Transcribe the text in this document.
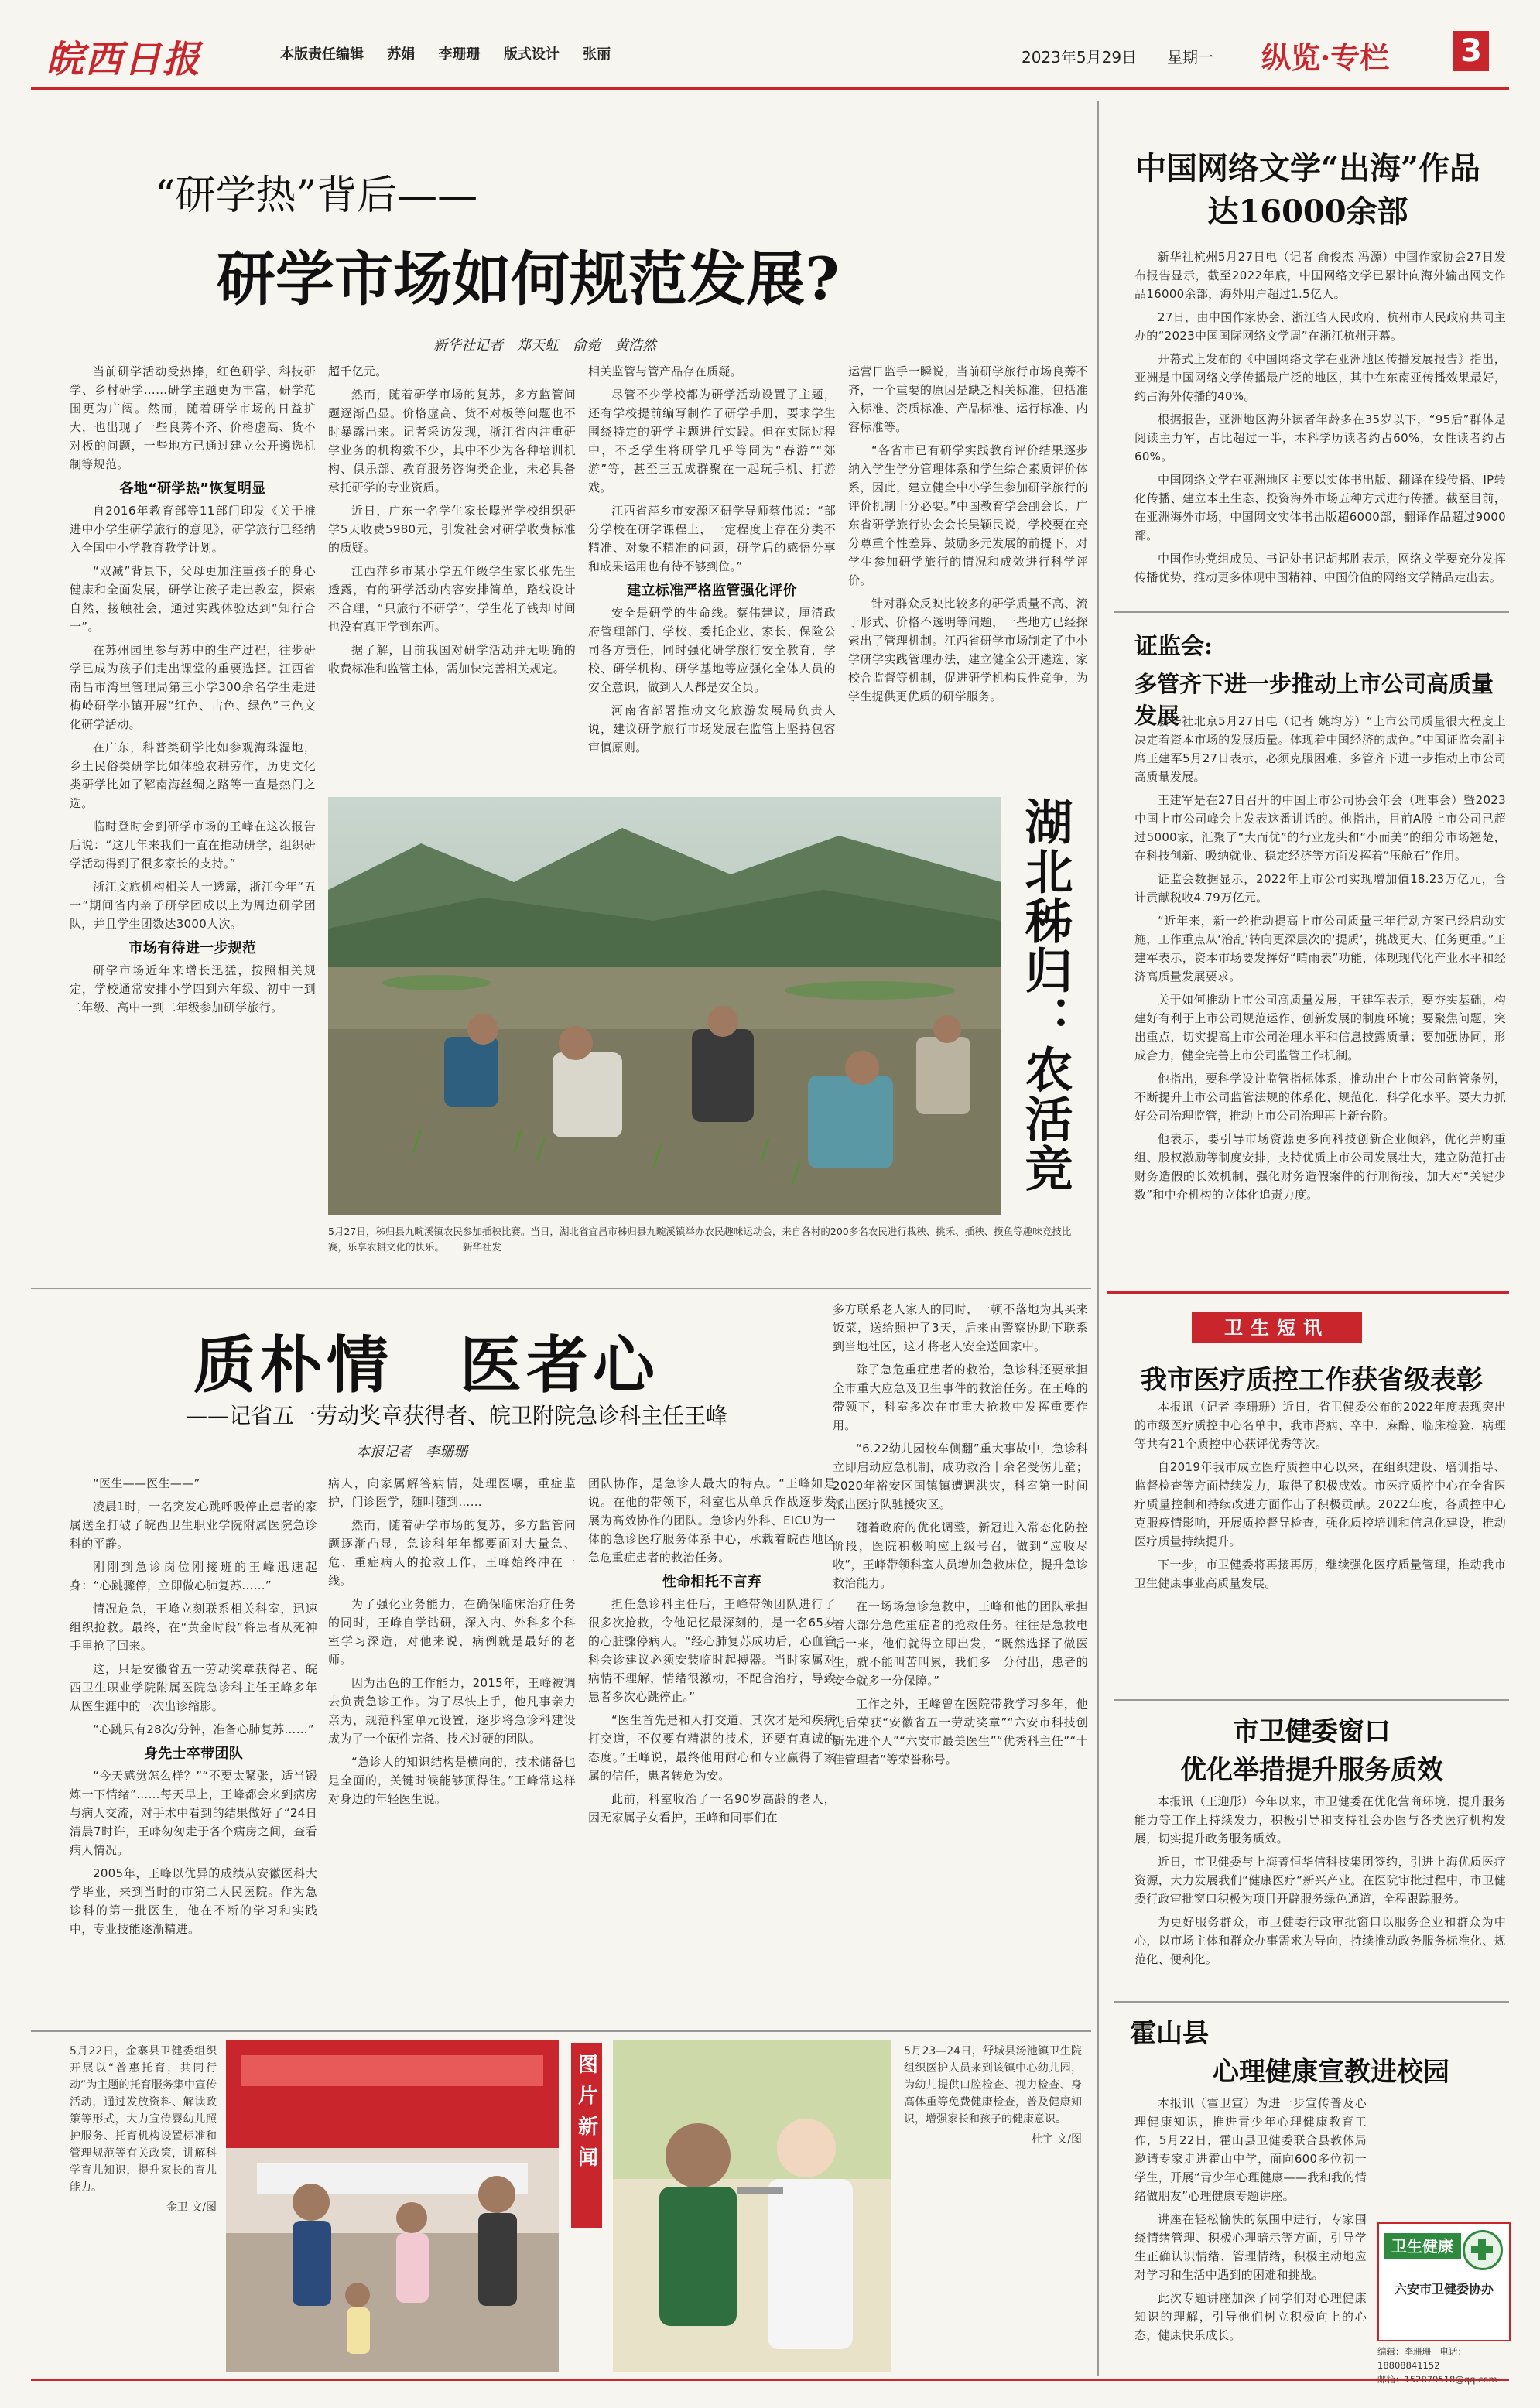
皖西日报	本版责任编辑 苏娟 李珊珊 版式设计 张丽	2023年5月29日 星期一 纵览·专栏 3
“研学热”背后——
研学市场如何规范发展?
新华社记者　郑天虹　俞菀　黄浩然

当前研学活动受热捧，红色研学、科技研学、乡村研学……研学主题更为丰富，研学范围更为广阔。然而，随着研学市场的日益扩大，也出现了一些良莠不齐、价格虚高、货不对板的问题，一些地方已通过建立公开遴选机制等规范。

各地“研学热”恢复明显

自2016年教育部等11部门印发《关于推进中小学生研学旅行的意见》，研学旅行已经纳入全国中小学教育教学计划。

“双减”背景下，父母更加注重孩子的身心健康和全面发展，研学让孩子走出教室，探索自然，接触社会，通过实践体验达到“知行合一”。

在苏州园里参与苏中的生产过程，往步研学已成为孩子们走出课堂的重要选择。江西省南昌市湾里管理局第三小学300余名学生走进梅岭研学小镇开展“红色、古色、绿色”三色文化研学活动。

在广东，科普类研学比如参观海珠湿地，乡土民俗类研学比如体验农耕劳作，历史文化类研学比如了解南海丝绸之路等一直是热门之选。

临时登时会到研学市场的王峰在这次报告后说：“这几年来我们一直在推动研学，组织研学活动得到了很多家长的支持。”

浙江文旅机构相关人士透露，浙江今年“五一”期间省内亲子研学团成以上为周边研学团队，并且学生团数达3000人次。

市场有待进一步规范

研学市场近年来增长迅猛，按照相关规定，学校通常安排小学四到六年级、初中一到二年级、高中一到二年级参加研学旅行。

超千亿元。

然而，随着研学市场的复苏，多方监管问题逐渐凸显。价格虚高、货不对板等问题也不时暴露出来。记者采访发现，浙江省内注重研学业务的机构数不少，其中不少为各种培训机构、俱乐部、教育服务咨询类企业，未必具备承托研学的专业资质。

近日，广东一名学生家长曝光学校组织研学5天收费5980元，引发社会对研学收费标准的质疑。

江西萍乡市某小学五年级学生家长张先生透露，有的研学活动内容安排简单，路线设计不合理，“只旅行不研学”，学生花了钱却时间也没有真正学到东西。

据了解，目前我国对研学活动并无明确的收费标准和监管主体，需加快完善相关规定。

相关监管与管产品存在质疑。

尽管不少学校都为研学活动设置了主题，还有学校提前编写制作了研学手册，要求学生围绕特定的研学主题进行实践。但在实际过程中，不乏学生将研学几乎等同为“春游”“郊游”等，甚至三五成群聚在一起玩手机、打游戏。

江西省萍乡市安源区研学导师蔡伟说：“部分学校在研学课程上，一定程度上存在分类不精准、对象不精准的问题，研学后的感悟分享和成果运用也有待不够到位。”

建立标准严格监管强化评价

安全是研学的生命线。蔡伟建议，厘清政府管理部门、学校、委托企业、家长、保险公司各方责任，同时强化研学旅行安全教育，学校、研学机构、研学基地等应强化全体人员的安全意识，做到人人都是安全员。

河南省部署推动文化旅游发展局负责人说，建议研学旅行市场发展在监管上坚持包容审慎原则。

运营日监手一瞬说，当前研学旅行市场良莠不齐，一个重要的原因是缺乏相关标准，包括准入标准、资质标准、产品标准、运行标准、内容标准等。

“各省市已有研学实践教育评价结果逐步纳入学生学分管理体系和学生综合素质评价体系，因此，建立健全中小学生参加研学旅行的评价机制十分必要。”中国教育学会副会长，广东省研学旅行协会会长吴颖民说，学校要在充分尊重个性差异、鼓励多元发展的前提下，对学生参加研学旅行的情况和成效进行科学评价。

针对群众反映比较多的研学质量不高、流于形式、价格不透明等问题，一些地方已经探索出了管理机制。江西省研学市场制定了中小学研学实践管理办法，建立健全公开遴选、家校合监督等机制，促进研学机构良性竞争，为学生提供更优质的研学服务。

湖北秭归：农活竞
5月27日，秭归县九畹溪镇农民参加插秧比赛。当日，湖北省宜昌市秭归县九畹溪镇举办农民趣味运动会，来自各村的200多名农民进行栽秧、挑禾、插秧、摸鱼等趣味竞技比赛，乐享农耕文化的快乐。 新华社发
中国网络文学“出海”作品达16000余部

新华社杭州5月27日电（记者 俞俊杰 冯源）中国作家协会27日发布报告显示，截至2022年底，中国网络文学已累计向海外输出网文作品16000余部，海外用户超过1.5亿人。

27日，由中国作家协会、浙江省人民政府、杭州市人民政府共同主办的“2023中国国际网络文学周”在浙江杭州开幕。

开幕式上发布的《中国网络文学在亚洲地区传播发展报告》指出，亚洲是中国网络文学传播最广泛的地区，其中在东南亚传播效果最好，约占海外传播的40%。

根据报告，亚洲地区海外读者年龄多在35岁以下，“95后”群体是阅读主力军，占比超过一半，本科学历读者约占60%，女性读者约占60%。

中国网络文学在亚洲地区主要以实体书出版、翻译在线传播、IP转化传播、建立本土生态、投资海外市场五种方式进行传播。截至目前，在亚洲海外市场，中国网文实体书出版超6000部，翻译作品超过9000部。

中国作协党组成员、书记处书记胡邦胜表示，网络文学要充分发挥传播优势，推动更多体现中国精神、中国价值的网络文学精品走出去。

证监会:
多管齐下进一步推动上市公司高质量发展

新华社北京5月27日电（记者 姚均芳）“上市公司质量很大程度上决定着资本市场的发展质量。体现着中国经济的成色。”中国证监会副主席王建军5月27日表示，必须克服困难，多管齐下进一步推动上市公司高质量发展。

王建军是在27日召开的中国上市公司协会年会（理事会）暨2023中国上市公司峰会上发表这番讲话的。他指出，目前A股上市公司已超过5000家，汇聚了“大而优”的行业龙头和“小而美”的细分市场翘楚，在科技创新、吸纳就业、稳定经济等方面发挥着“压舱石”作用。

证监会数据显示，2022年上市公司实现增加值18.23万亿元，合计贡献税收4.79万亿元。

“近年来，新一轮推动提高上市公司质量三年行动方案已经启动实施，工作重点从‘治乱’转向更深层次的‘提质’，挑战更大、任务更重。”王建军表示，资本市场要发挥好“晴雨表”功能，体现现代化产业水平和经济高质量发展要求。

关于如何推动上市公司高质量发展，王建军表示，要夯实基础，构建好有利于上市公司规范运作、创新发展的制度环境；要聚焦问题，突出重点，切实提高上市公司治理水平和信息披露质量；要加强协同，形成合力，健全完善上市公司监管工作机制。

他指出，要科学设计监管指标体系，推动出台上市公司监管条例，不断提升上市公司监管法规的体系化、规范化、科学化水平。要大力抓好公司治理监管，推动上市公司治理再上新台阶。

他表示，要引导市场资源更多向科技创新企业倾斜，优化并购重组、股权激励等制度安排，支持优质上市公司发展壮大，建立防范打击财务造假的长效机制，强化财务造假案件的行刑衔接，加大对“关键少数”和中介机构的立体化追责力度。

质朴情　医者心
——记省五一劳动奖章获得者、皖卫附院急诊科主任王峰
本报记者　李珊珊

“医生——医生——”

凌晨1时，一名突发心跳呼吸停止患者的家属送至打破了皖西卫生职业学院附属医院急诊科的平静。

刚刚到急诊岗位刚接班的王峰迅速起身：“心跳骤停，立即做心肺复苏……”

情况危急，王峰立刻联系相关科室，迅速组织抢救。最终，在“黄金时段”将患者从死神手里抢了回来。

这，只是安徽省五一劳动奖章获得者、皖西卫生职业学院附属医院急诊科主任王峰多年从医生涯中的一次出诊缩影。

“心跳只有28次/分钟，准备心肺复苏……”

身先士卒带团队

“今天感觉怎么样？”“不要太紧张，适当锻炼一下情绪”……每天早上，王峰都会来到病房与病人交流，对手术中看到的结果做好了“24日清晨7时许，王峰匆匆走于各个病房之间，查看病人情况。

2005年，王峰以优异的成绩从安徽医科大学毕业，来到当时的市第二人民医院。作为急诊科的第一批医生，他在不断的学习和实践中，专业技能逐渐精进。

病人，向家属解答病情，处理医嘱，重症监护，门诊医学，随叫随到……

然而，随着研学市场的复苏，多方监管问题逐渐凸显，急诊科年年都要面对大量急、危、重症病人的抢救工作，王峰始终冲在一线。

为了强化业务能力，在确保临床治疗任务的同时，王峰自学钻研，深入内、外科多个科室学习深造，对他来说，病例就是最好的老师。

因为出色的工作能力，2015年，王峰被调去负责急诊工作。为了尽快上手，他凡事亲力亲为，规范科室单元设置，逐步将急诊科建设成为了一个硬件完备、技术过硬的团队。

“急诊人的知识结构是横向的，技术储备也是全面的，关键时候能够顶得住。”王峰常这样对身边的年轻医生说。

团队协作，是急诊人最大的特点。“王峰如是说。在他的带领下，科室也从单兵作战逐步发展为高效协作的团队。急诊内外科、EICU为一体的急诊医疗服务体系中心，承载着皖西地区急危重症患者的救治任务。

性命相托不言弃

担任急诊科主任后，王峰带领团队进行了很多次抢救，令他记忆最深刻的，是一名65岁的心脏骤停病人。“经心肺复苏成功后，心血管科会诊建议必须安装临时起搏器。当时家属对病情不理解，情绪很激动，不配合治疗，导致患者多次心跳停止。”

“医生首先是和人打交道，其次才是和疾病打交道，不仅要有精湛的技术，还要有真诚的态度。”王峰说，最终他用耐心和专业赢得了家属的信任，患者转危为安。

此前，科室收治了一名90岁高龄的老人，因无家属子女看护，王峰和同事们在

多方联系老人家人的同时，一顿不落地为其买来饭菜，送给照护了3天，后来由警察协助下联系到当地社区，这才将老人安全送回家中。

除了急危重症患者的救治，急诊科还要承担全市重大应急及卫生事件的救治任务。在王峰的带领下，科室多次在市重大抢救中发挥重要作用。

“6.22幼儿园校车侧翻”重大事故中，急诊科立即启动应急机制，成功救治十余名受伤儿童；2020年裕安区国镇镇遭遇洪灾，科室第一时间派出医疗队驰援灾区。

随着政府的优化调整，新冠进入常态化防控阶段，医院积极响应上级号召，做到“应收尽收”，王峰带领科室人员增加急救床位，提升急诊救治能力。

在一场场急诊急救中，王峰和他的团队承担着大部分急危重症者的抢救任务。往往是急救电话一来，他们就得立即出发，“既然选择了做医生，就不能叫苦叫累，我们多一分付出，患者的安全就多一分保障。”

工作之外，王峰曾在医院带教学习多年，他先后荣获“安徽省五一劳动奖章”“六安市科技创新先进个人”“六安市最美医生”“优秀科主任”“十佳管理者”等荣誉称号。

5月22日，金寨县卫健委组织开展以“普惠托育，共同行动”为主题的托育服务集中宣传活动，通过发放资料、解读政策等形式，大力宣传婴幼儿照护服务、托育机构设置标准和管理规范等有关政策，讲解科学育儿知识，提升家长的育儿能力。
金卫 文/图
图片新闻
5月23—24日，舒城县汤池镇卫生院组织医护人员来到该镇中心幼儿园，为幼儿提供口腔检查、视力检查、身高体重等免费健康检查，普及健康知识，增强家长和孩子的健康意识。
杜宇 文/图
卫生短讯
我市医疗质控工作获省级表彰

本报讯（记者 李珊珊）近日，省卫健委公布的2022年度表现突出的市级医疗质控中心名单中，我市肾病、卒中、麻醉、临床检验、病理等共有21个质控中心获评优秀等次。

自2019年我市成立医疗质控中心以来，在组织建设、培训指导、监督检查等方面持续发力，取得了积极成效。市医疗质控中心在全省医疗质量控制和持续改进方面作出了积极贡献。2022年度，各质控中心克服疫情影响，开展质控督导检查，强化质控培训和信息化建设，推动医疗质量持续提升。

下一步，市卫健委将再接再厉，继续强化医疗质量管理，推动我市卫生健康事业高质量发展。

市卫健委窗口
优化举措提升服务质效

本报讯（王迎彤）今年以来，市卫健委在优化营商环境、提升服务能力等工作上持续发力，积极引导和支持社会办医与各类医疗机构发展，切实提升政务服务质效。

近日，市卫健委与上海菁恒华信科技集团签约，引进上海优质医疗资源，大力发展我们“健康医疗”新兴产业。在医院审批过程中，市卫健委行政审批窗口积极为项目开辟服务绿色通道，全程跟踪服务。

为更好服务群众，市卫健委行政审批窗口以服务企业和群众为中心，以市场主体和群众办事需求为导向，持续推动政务服务标准化、规范化、便利化。

霍山县
心理健康宣教进校园

本报讯（霍卫宣）为进一步宣传普及心理健康知识，推进青少年心理健康教育工作，5月22日，霍山县卫健委联合县教体局邀请专家走进霍山中学，面向600多位初一学生，开展“青少年心理健康——我和我的情绪做朋友”心理健康专题讲座。

讲座在轻松愉快的氛围中进行，专家围绕情绪管理、积极心理暗示等方面，引导学生正确认识情绪、管理情绪，积极主动地应对学习和生活中遇到的困难和挑战。

此次专题讲座加深了同学们对心理健康知识的理解，引导他们树立积极向上的心态，健康快乐成长。

卫生健康
六安市卫健委协办
编辑：李珊珊　电话：18808841152
